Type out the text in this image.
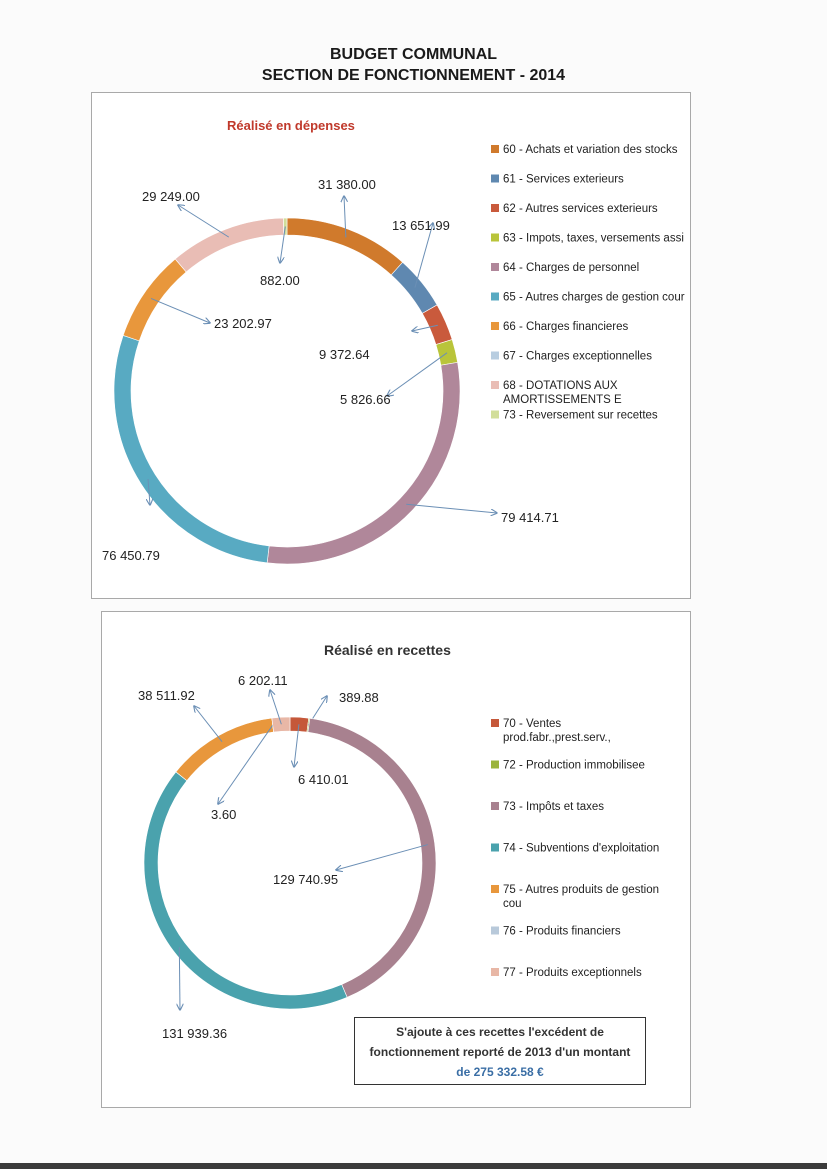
BUDGET COMMUNAL
SECTION DE FONCTIONNEMENT - 2014
Réalisé en dépenses
31 380.00
13 651.99
9 372.64
5 826.66
79 414.71
76 450.79
23 202.97
29 249.00
882.00
60 - Achats et variation des stocks
61 - Services exterieurs
62 - Autres services exterieurs
63 - Impots, taxes, versements assi
64 - Charges de personnel
65 - Autres charges de gestion cour
66 - Charges financieres
67 - Charges exceptionnelles
68 - DOTATIONS AUX
AMORTISSEMENTS E
73 - Reversement sur recettes
Réalisé en recettes
6 410.01
389.88
129 740.95
131 939.36
38 511.92
3.60
6 202.11
70 - Ventes
prod.fabr.,prest.serv.,
72 - Production immobilisee
73 - Impôts et taxes
74 - Subventions d'exploitation
75 - Autres produits de gestion
cou
76 - Produits financiers
77 - Produits exceptionnels
S'ajoute à ces recettes l'excédent de
fonctionnement reporté de 2013 d'un montant
de 275 332.58 €
